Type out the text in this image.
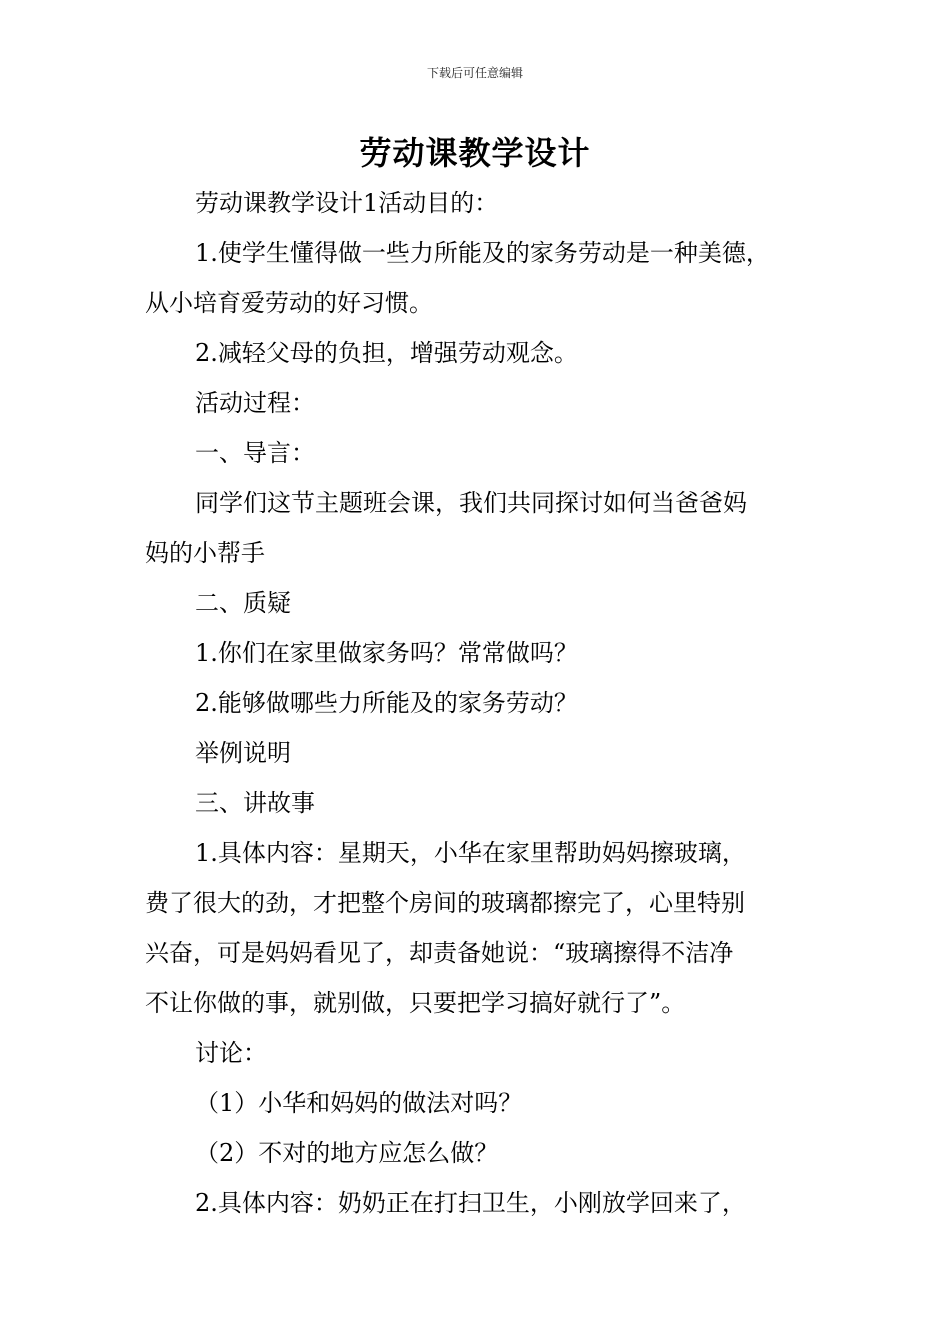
下载后可任意编辑
劳动课教学设计

劳动课教学设计1活动目的：

1.使学生懂得做一些力所能及的家务劳动是一种美德，

从小培育爱劳动的好习惯。

2.减轻父母的负担，增强劳动观念。

活动过程：

一、导言：

同学们这节主题班会课，我们共同探讨如何当爸爸妈

妈的小帮手

二、质疑

1.你们在家里做家务吗？常常做吗？

2.能够做哪些力所能及的家务劳动？

举例说明

三、讲故事

1.具体内容：星期天，小华在家里帮助妈妈擦玻璃，

费了很大的劲，才把整个房间的玻璃都擦完了，心里特别

兴奋，可是妈妈看见了，却责备她说：“玻璃擦得不洁净

不让你做的事，就别做，只要把学习搞好就行了”。

讨论：

（1）小华和妈妈的做法对吗？

（2）不对的地方应怎么做？

2.具体内容：奶奶正在打扫卫生，小刚放学回来了，
